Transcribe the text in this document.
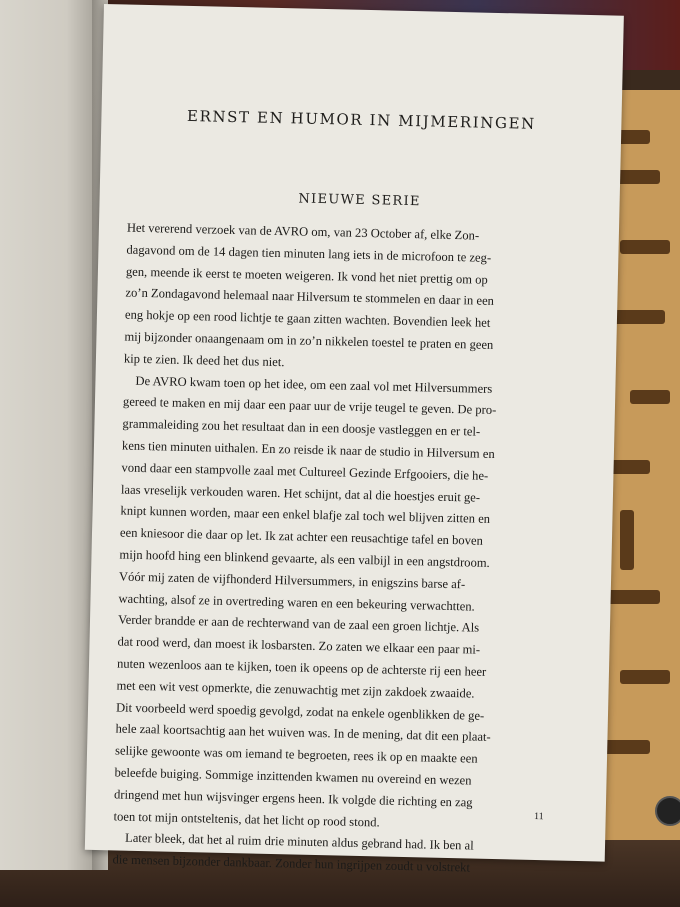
ERNST EN HUMOR IN MIJMERINGEN
NIEUWE SERIE
Het vererend verzoek van de AVRO om, van 23 October af, elke Zon-
dagavond om de 14 dagen tien minuten lang iets in de microfoon te zeg-
gen, meende ik eerst te moeten weigeren. Ik vond het niet prettig om op
zo’n Zondagavond helemaal naar Hilversum te stommelen en daar in een
eng hokje op een rood lichtje te gaan zitten wachten. Bovendien leek het
mij bijzonder onaangenaam om in zo’n nikkelen toestel te praten en geen
kip te zien. Ik deed het dus niet.
De AVRO kwam toen op het idee, om een zaal vol met Hilversummers
gereed te maken en mij daar een paar uur de vrije teugel te geven. De pro-
grammaleiding zou het resultaat dan in een doosje vastleggen en er tel-
kens tien minuten uithalen. En zo reisde ik naar de studio in Hilversum en
vond daar een stampvolle zaal met Cultureel Gezinde Erfgooiers, die he-
laas vreselijk verkouden waren. Het schijnt, dat al die hoestjes eruit ge-
knipt kunnen worden, maar een enkel blafje zal toch wel blijven zitten en
een kniesoor die daar op let. Ik zat achter een reusachtige tafel en boven
mijn hoofd hing een blinkend gevaarte, als een valbijl in een angstdroom.
Vóór mij zaten de vijfhonderd Hilversummers, in enigszins barse af-
wachting, alsof ze in overtreding waren en een bekeuring verwachtten.
Verder brandde er aan de rechterwand van de zaal een groen lichtje. Als
dat rood werd, dan moest ik losbarsten. Zo zaten we elkaar een paar mi-
nuten wezenloos aan te kijken, toen ik opeens op de achterste rij een heer
met een wit vest opmerkte, die zenuwachtig met zijn zakdoek zwaaide.
Dit voorbeeld werd spoedig gevolgd, zodat na enkele ogenblikken de ge-
hele zaal koortsachtig aan het wuiven was. In de mening, dat dit een plaat-
selijke gewoonte was om iemand te begroeten, rees ik op en maakte een
beleefde buiging. Sommige inzittenden kwamen nu overeind en wezen
dringend met hun wijsvinger ergens heen. Ik volgde die richting en zag
toen tot mijn ontsteltenis, dat het licht op rood stond.
Later bleek, dat het al ruim drie minuten aldus gebrand had. Ik ben al
die mensen bijzonder dankbaar. Zonder hun ingrijpen zoudt u volstrekt
11
